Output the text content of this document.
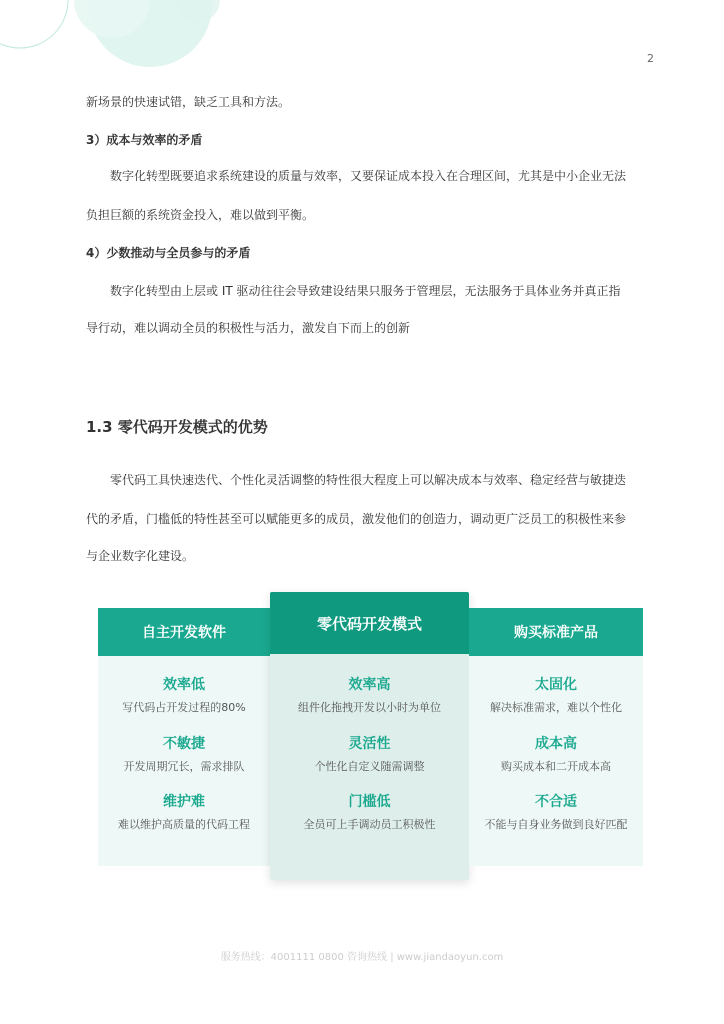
2
新场景的快速试错，缺乏工具和方法。
3）成本与效率的矛盾
数字化转型既要追求系统建设的质量与效率，又要保证成本投入在合理区间，尤其是中小企业无法
负担巨额的系统资金投入，难以做到平衡。
4）少数推动与全员参与的矛盾
数字化转型由上层或 IT 驱动往往会导致建设结果只服务于管理层，无法服务于具体业务并真正指
导行动，难以调动全员的积极性与活力，激发自下而上的创新
1.3 零代码开发模式的优势
零代码工具快速迭代、个性化灵活调整的特性很大程度上可以解决成本与效率、稳定经营与敏捷迭
代的矛盾，门槛低的特性甚至可以赋能更多的成员，激发他们的创造力，调动更广泛员工的积极性来参
与企业数字化建设。
自主开发软件
效率低
写代码占开发过程的80%
不敏捷
开发周期冗长，需求排队
维护难
难以维护高质量的代码工程
零代码开发模式
效率高
组件化拖拽开发以小时为单位
灵活性
个性化自定义随需调整
门槛低
全员可上手调动员工积极性
购买标准产品
太固化
解决标准需求，难以个性化
成本高
购买成本和二开成本高
不合适
不能与自身业务做到良好匹配
服务热线：4001111 0800 咨询热线 | www.jiandaoyun.com
